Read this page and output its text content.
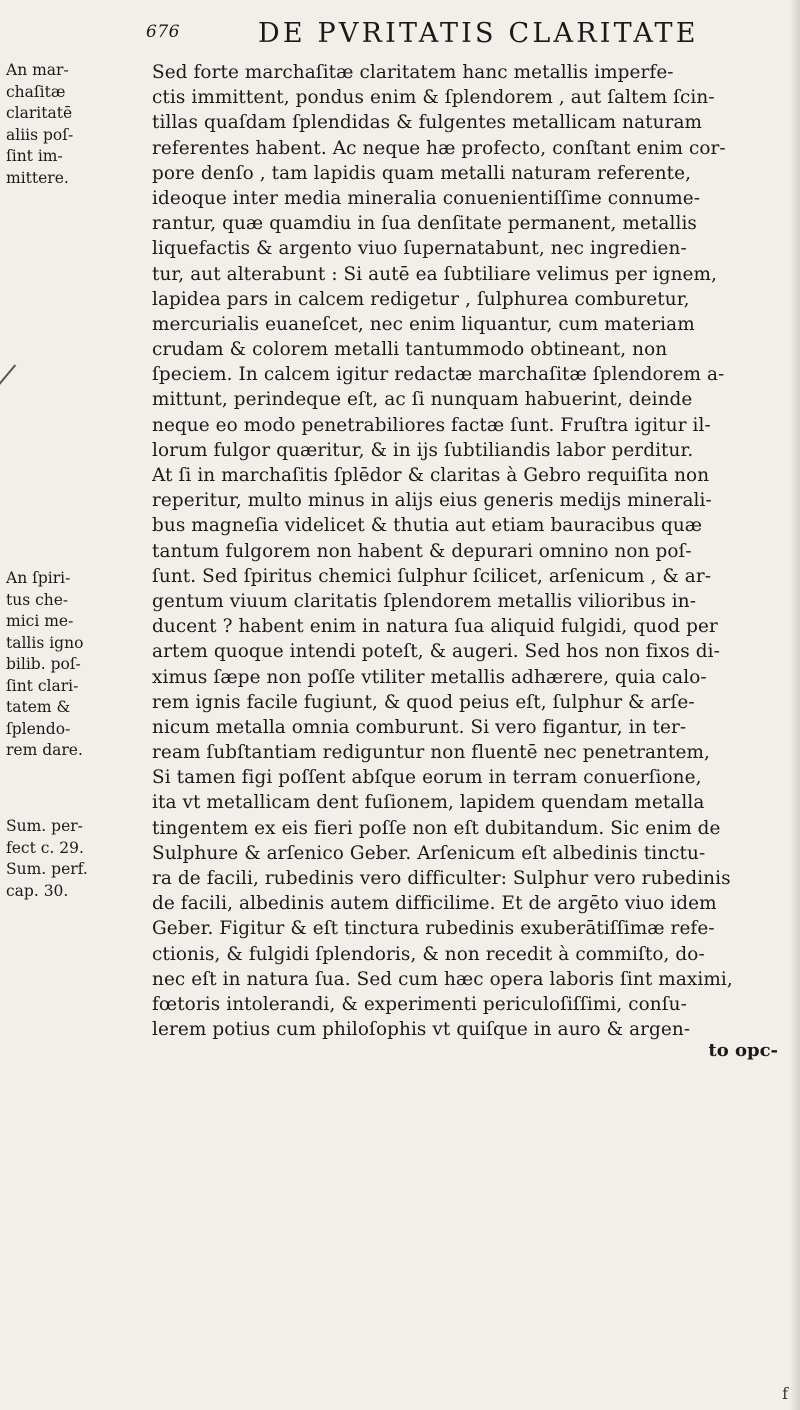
676	DE PVRITATIS CLARITATE
An mar-
chaſitæ
claritatē
aliis poſ-
ſint im-
mittere.
An ſpiri-
tus che-
mici me-
tallis igno
bilib. poſ-
ſint clari-
tatem &
ſplendo-
rem dare.
Sum. per-
fect c. 29.
Sum. perf.
cap. 30.
Sed forte marchaſitæ claritatem hanc metallis imperfe-
ctis immittent, pondus enim & ſplendorem , aut ſaltem ſcin-
tillas quaſdam ſplendidas & fulgentes metallicam naturam
referentes habent. Ac neque hæ profecto, conſtant enim cor-
pore denſo , tam lapidis quam metalli naturam referente,
ideoque inter media mineralia conuenientiſſime connume-
rantur, quæ quamdiu in ſua denſitate permanent, metallis
liquefactis & argento viuo ſupernatabunt, nec ingredien-
tur, aut alterabunt : Si autē ea ſubtiliare velimus per ignem,
lapidea pars in calcem redigetur , ſulphurea comburetur,
mercurialis euaneſcet, nec enim liquantur, cum materiam
crudam & colorem metalli tantummodo obtineant, non
ſpeciem. In calcem igitur redactæ marchaſitæ ſplendorem a-
mittunt, perindeque eſt, ac ſi nunquam habuerint, deinde
neque eo modo penetrabiliores factæ ſunt. Fruſtra igitur il-
lorum fulgor quæritur, & in ijs ſubtiliandis labor perditur.
At ſi in marchaſitis ſplēdor & claritas à Gebro requiſita non
reperitur, multo minus in alijs eius generis medijs minerali-
bus magneſia videlicet & thutia aut etiam bauracibus quæ
tantum fulgorem non habent & depurari omnino non poſ-
ſunt. Sed ſpiritus chemici ſulphur ſcilicet, arſenicum , & ar-
gentum viuum claritatis ſplendorem metallis vilioribus in-
ducent ? habent enim in natura ſua aliquid fulgidi, quod per
artem quoque intendi poteſt, & augeri. Sed hos non fixos di-
ximus ſæpe non poſſe vtiliter metallis adhærere, quia calo-
rem ignis facile fugiunt, & quod peius eſt, ſulphur & arſe-
nicum metalla omnia comburunt. Si vero figantur, in ter-
ream ſubſtantiam rediguntur non fluentē nec penetrantem,
Si tamen figi poſſent abſque eorum in terram conuerſione,
ita vt metallicam dent fuſionem, lapidem quendam metalla
tingentem ex eis fieri poſſe non eſt dubitandum. Sic enim de
Sulphure & arſenico Geber. Arſenicum eſt albedinis tinctu-
ra de facili, rubedinis vero difficulter: Sulphur vero rubedinis
de facili, albedinis autem difficilime. Et de argēto viuo idem
Geber. Figitur & eſt tinctura rubedinis exuberātiſſimæ refe-
ctionis, & fulgidi ſplendoris, & non recedit à commiſto, do-
nec eſt in natura ſua. Sed cum hæc opera laboris ſint maximi,
fœtoris intolerandi, & experimenti periculoſiſſimi, conſu-
lerem potius cum philoſophis vt quiſque in auro & argen-
to opc-
f
